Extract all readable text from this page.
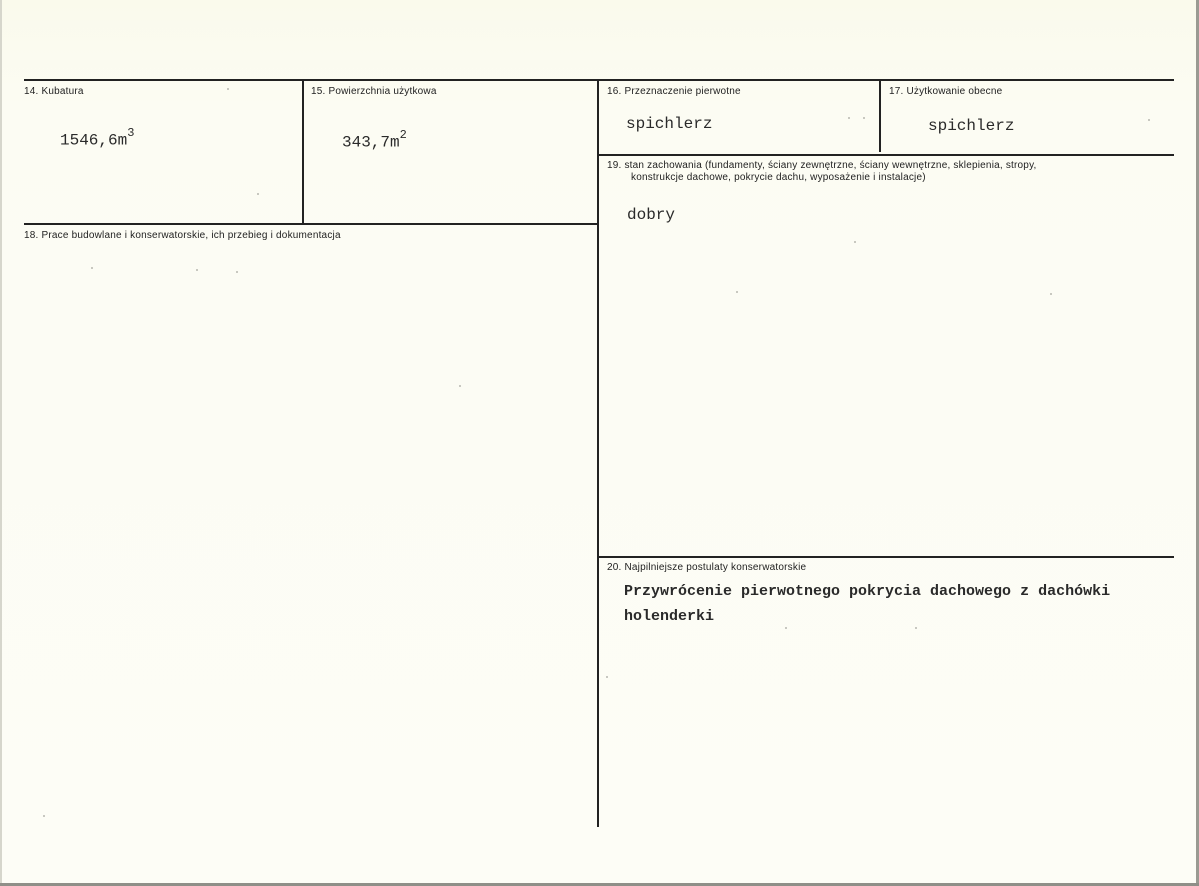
14. Kubatura
$1546,6m^3$
15. Powierzchnia użytkowa
$343,7m^2$
16. Przeznaczenie pierwotne
spichlerz
17. Użytkowanie obecne
spichlerz
19. stan zachowania (fundamenty, ściany zewnętrzne, ściany wewnętrzne, sklepienia, stropy,
konstrukcje dachowe, pokrycie dachu, wyposażenie i instalacje)
dobry
18. Prace budowlane i konserwatorskie, ich przebieg i dokumentacja
20. Najpilniejsze postulaty konserwatorskie
Przywrócenie pierwotnego pokrycia dachowego z dachówki
holenderki
